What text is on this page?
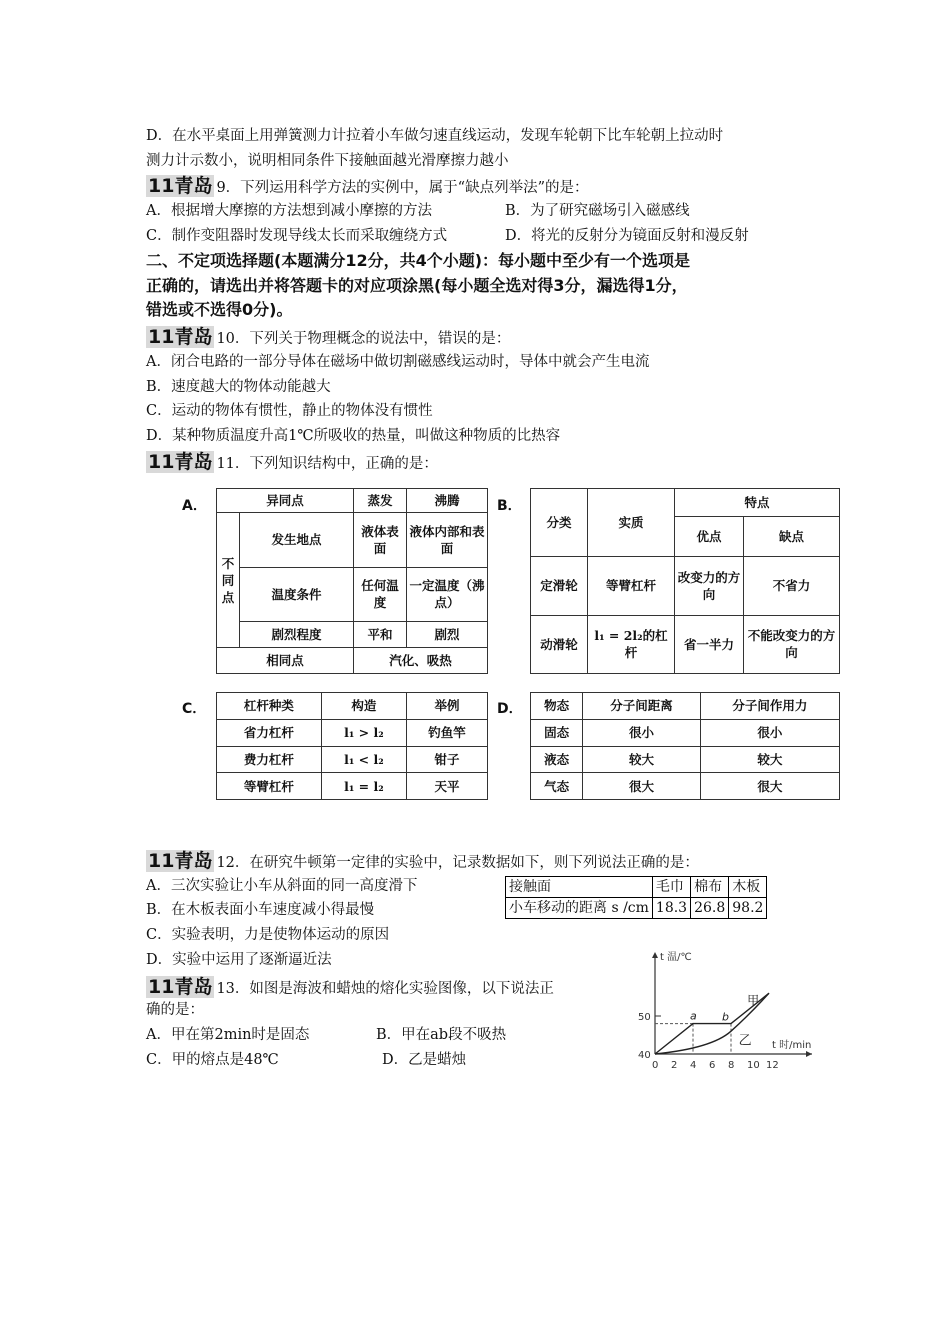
D．在水平桌面上用弹簧测力计拉着小车做匀速直线运动，发现车轮朝下比车轮朝上拉动时
测力计示数小，说明相同条件下接触面越光滑摩擦力越小
11青岛 9．下列运用科学方法的实例中，属于“缺点列举法”的是：
A．根据增大摩擦的方法想到减小摩擦的方法	B．为了研究磁场引入磁感线
C．制作变阻器时发现导线太长而采取缠绕方式	D．将光的反射分为镜面反射和漫反射
二、不定项选择题(本题满分12分，共4个小题)：每小题中至少有一个选项是
正确的，请选出并将答题卡的对应项涂黑(每小题全选对得3分，漏选得1分，
错选或不选得0分)。
11青岛 10．下列关于物理概念的说法中，错误的是：
A．闭合电路的一部分导体在磁场中做切割磁感线运动时，导体中就会产生电流
B．速度越大的物体动能越大
C．运动的物体有惯性，静止的物体没有惯性
D．某种物质温度升高1℃所吸收的热量，叫做这种物质的比热容
11青岛 11．下列知识结构中，正确的是：
A．	异同点		蒸发	沸腾
不同点	发生地点	液体表面	液体内部和表面
	温度条件	任何温度	一定温度（沸点）
	剧烈程度	平和	剧烈
相同点		汽化、吸热	
B．
分类	实质	特点	
		优点	缺点
定滑轮	等臂杠杆	改变力的方向	不省力
动滑轮	l₁ = 2l₂的杠杆	省一半力	不能改变力的方向
C．	杠杆种类	构造	举例
省力杠杆	l₁ > l₂	钓鱼竿
费力杠杆	l₁ < l₂	钳子
等臂杠杆	l₁ = l₂	天平
D． 物态	分子间距离	分子间作用力
固态	很小	很小
液态	较大	较大
气态	很大	很大
11青岛 12．在研究牛顿第一定律的实验中，记录数据如下，则下列说法正确的是：
A．三次实验让小车从斜面的同一高度滑下
B．在木板表面小车速度减小得最慢
C．实验表明，力是使物体运动的原因
D．实验中运用了逐渐逼近法
接触面	毛巾	棉布	木板
小车移动的距离 s /cm	18.3	26.8	98.2
11青岛 13．如图是海波和蜡烛的熔化实验图像，以下说法正
确的是：
A．甲在第2min时是固态	B．甲在ab段不吸热
C．甲的熔点是48℃	D．乙是蜡烛
t 温/℃
t 时/min
0 2 4 6 8 10 12
40
50	a b
甲
乙
